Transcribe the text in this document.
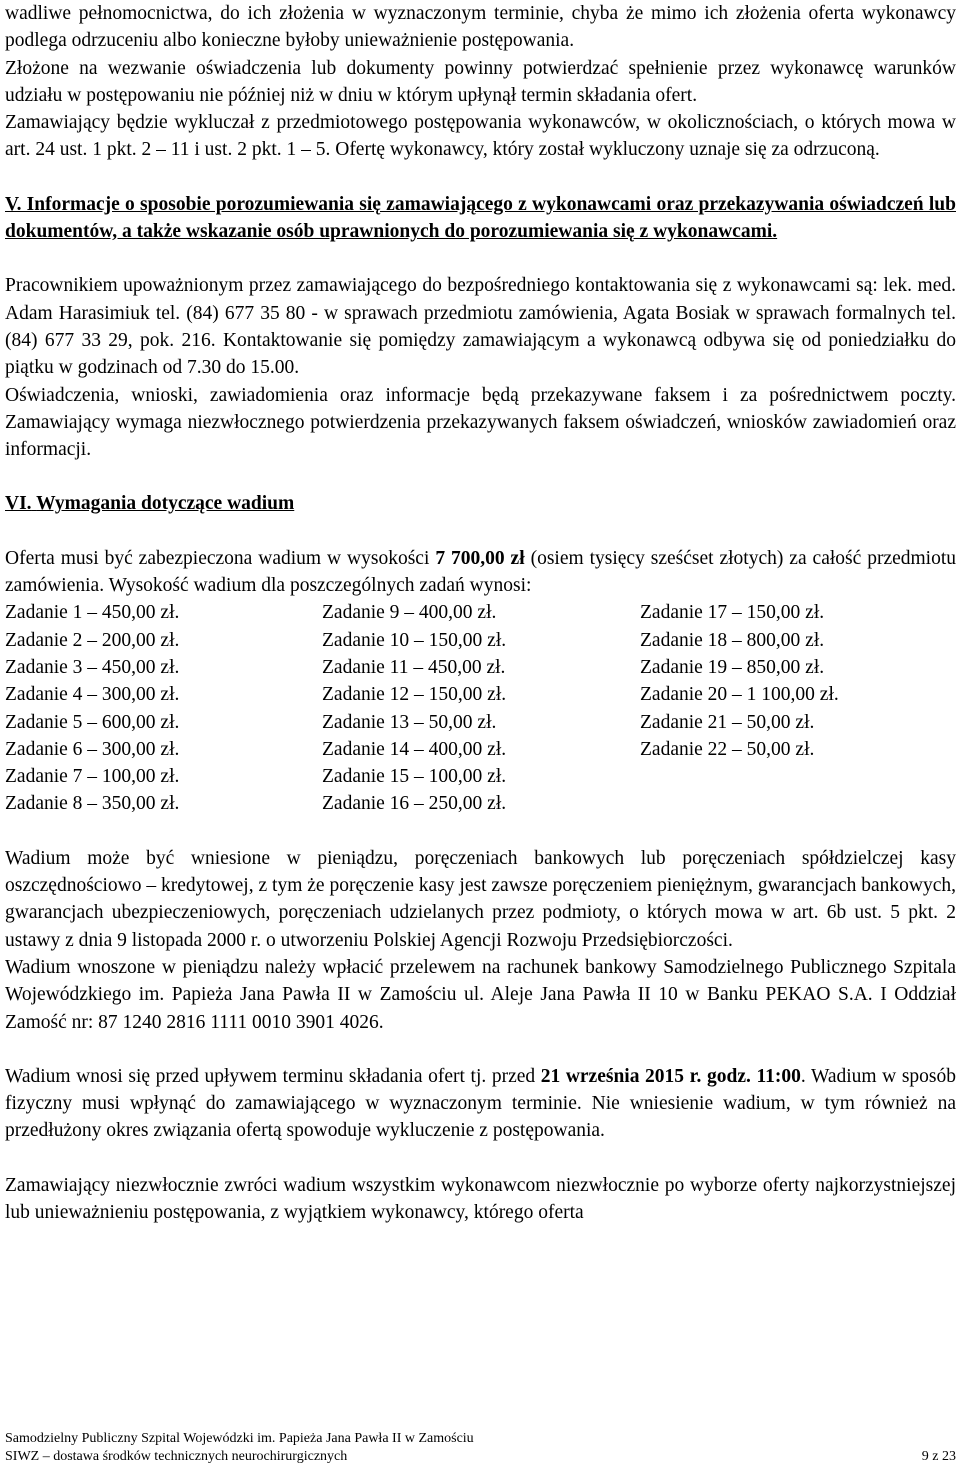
wadliwe pełnomocnictwa, do ich złożenia w wyznaczonym terminie, chyba że mimo ich złożenia oferta wykonawcy podlega odrzuceniu albo konieczne byłoby unieważnienie postępowania.

Złożone na wezwanie oświadczenia lub dokumenty powinny potwierdzać spełnienie przez wykonawcę warunków udziału w postępowaniu nie później niż w dniu w którym upłynął termin składania ofert.

Zamawiający będzie wykluczał z przedmiotowego postępowania wykonawców, w okolicznościach, o których mowa w art. 24 ust. 1 pkt. 2 – 11 i ust. 2 pkt. 1 – 5. Ofertę wykonawcy, który został wykluczony uznaje się za odrzuconą.

V. Informacje o sposobie porozumiewania się zamawiającego z wykonawcami oraz przekazywania oświadczeń lub dokumentów, a także wskazanie osób uprawnionych do porozumiewania się z wykonawcami.

Pracownikiem upoważnionym przez zamawiającego do bezpośredniego kontaktowania się z wykonawcami są: lek. med. Adam Harasimiuk tel. (84) 677 35 80 - w sprawach przedmiotu zamówienia, Agata Bosiak w sprawach formalnych tel. (84) 677 33 29, pok. 216. Kontaktowanie się pomiędzy zamawiającym a wykonawcą odbywa się od poniedziałku do piątku w godzinach od 7.30 do 15.00.

Oświadczenia, wnioski, zawiadomienia oraz informacje będą przekazywane faksem i za pośrednictwem poczty. Zamawiający wymaga niezwłocznego potwierdzenia przekazywanych faksem oświadczeń, wniosków zawiadomień oraz informacji.

VI. Wymagania dotyczące wadium

Oferta musi być zabezpieczona wadium w wysokości 7 700,00 zł (osiem tysięcy sześćset złotych) za całość przedmiotu zamówienia. Wysokość wadium dla poszczególnych zadań wynosi:

Zadanie 1 – 450,00 zł.	Zadanie 9 – 400,00 zł.	Zadanie 17 – 150,00 zł.
Zadanie 2 – 200,00 zł.	Zadanie 10 – 150,00 zł.	Zadanie 18 – 800,00 zł.
Zadanie 3 – 450,00 zł.	Zadanie 11 – 450,00 zł.	Zadanie 19 – 850,00 zł.
Zadanie 4 – 300,00 zł.	Zadanie 12 – 150,00 zł.	Zadanie 20 – 1 100,00 zł.
Zadanie 5 – 600,00 zł.	Zadanie 13 – 50,00 zł.	Zadanie 21 – 50,00 zł.
Zadanie 6 – 300,00 zł.	Zadanie 14 – 400,00 zł.	Zadanie 22 – 50,00 zł.
Zadanie 7 – 100,00 zł.	Zadanie 15 – 100,00 zł.	
Zadanie 8 – 350,00 zł.	Zadanie 16 – 250,00 zł.	

Wadium może być wniesione w pieniądzu, poręczeniach bankowych lub poręczeniach spółdzielczej kasy oszczędnościowo – kredytowej, z tym że poręczenie kasy jest zawsze poręczeniem pieniężnym, gwarancjach bankowych, gwarancjach ubezpieczeniowych, poręczeniach udzielanych przez podmioty, o których mowa w art. 6b ust. 5 pkt. 2 ustawy z dnia 9 listopada 2000 r. o utworzeniu Polskiej Agencji Rozwoju Przedsiębiorczości.

Wadium wnoszone w pieniądzu należy wpłacić przelewem na rachunek bankowy Samodzielnego Publicznego Szpitala Wojewódzkiego im. Papieża Jana Pawła II w Zamościu ul. Aleje Jana Pawła II 10 w Banku PEKAO S.A. I Oddział Zamość nr: 87 1240 2816 1111 0010 3901 4026.

Wadium wnosi się przed upływem terminu składania ofert tj. przed 21 września 2015 r. godz. 11:00. Wadium w sposób fizyczny musi wpłynąć do zamawiającego w wyznaczonym terminie. Nie wniesienie wadium, w tym również na przedłużony okres związania ofertą spowoduje wykluczenie z postępowania.

Zamawiający niezwłocznie zwróci wadium wszystkim wykonawcom niezwłocznie po wyborze oferty najkorzystniejszej lub unieważnieniu postępowania, z wyjątkiem wykonawcy, którego oferta

Samodzielny Publiczny Szpital Wojewódzki im. Papieża Jana Pawła II w Zamościu
SIWZ – dostawa środków technicznych neurochirurgicznych	9 z 23
